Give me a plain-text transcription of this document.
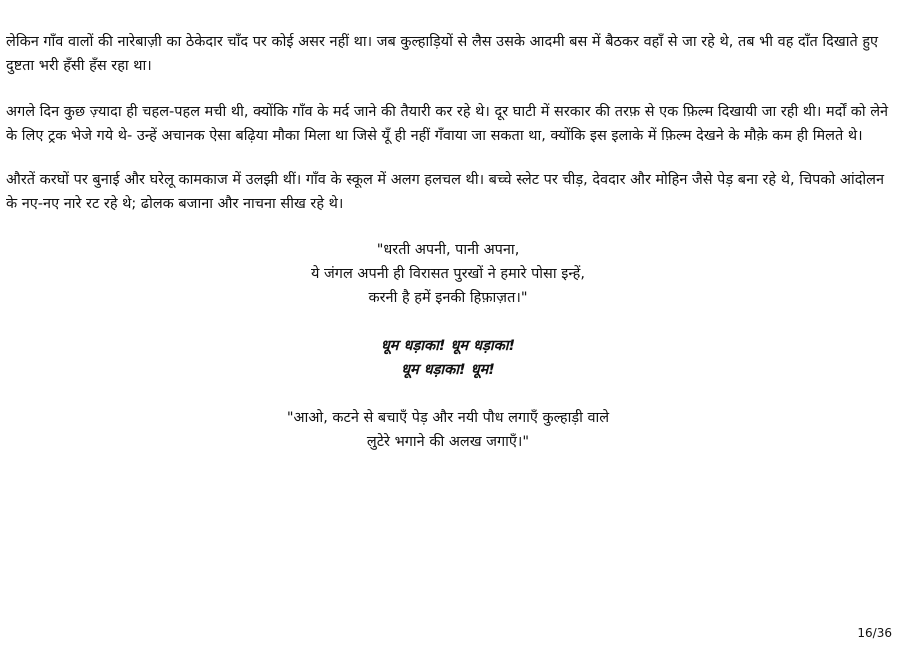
लेकिन गाँव वालों की नारेबाज़ी का ठेकेदार चाँद पर कोई असर नहीं था। जब कुल्हाड़ियों से लैस उसके आदमी बस में बैठकर वहाँ से जा रहे थे, तब भी वह दाँत दिखाते हुए दुष्टता भरी हँसी हँस रहा था।

अगले दिन कुछ ज़्यादा ही चहल-पहल मची थी, क्योंकि गाँव के मर्द जाने की तैयारी कर रहे थे। दूर घाटी में सरकार की तरफ़ से एक फ़िल्म दिखायी जा रही थी। मर्दों को लेने के लिए ट्रक भेजे गये थे- उन्हें अचानक ऐसा बढ़िया मौका मिला था जिसे यूँ ही नहीं गँवाया जा सकता था, क्योंकि इस इलाके में फ़िल्म देखने के मौक़े कम ही मिलते थे।

औरतें करघों पर बुनाई और घरेलू कामकाज में उलझी थीं। गाँव के स्कूल में अलग हलचल थी। बच्चे स्लेट पर चीड़, देवदार और मोहिन जैसे पेड़ बना रहे थे, चिपको आंदोलन के नए-नए नारे रट रहे थे; ढोलक बजाना और नाचना सीख रहे थे।

"धरती अपनी, पानी अपना,
ये जंगल अपनी ही विरासत पुरखों ने हमारे पोसा इन्हें,
करनी है हमें इनकी हिफ़ाज़त।"
धूम धड़ाका! धूम धड़ाका!
धूम धड़ाका! धूम!
"आओ, कटने से बचाएँ पेड़ और नयी पौध लगाएँ कुल्हाड़ी वाले
लुटेरे भगाने की अलख जगाएँ।"
16/36
